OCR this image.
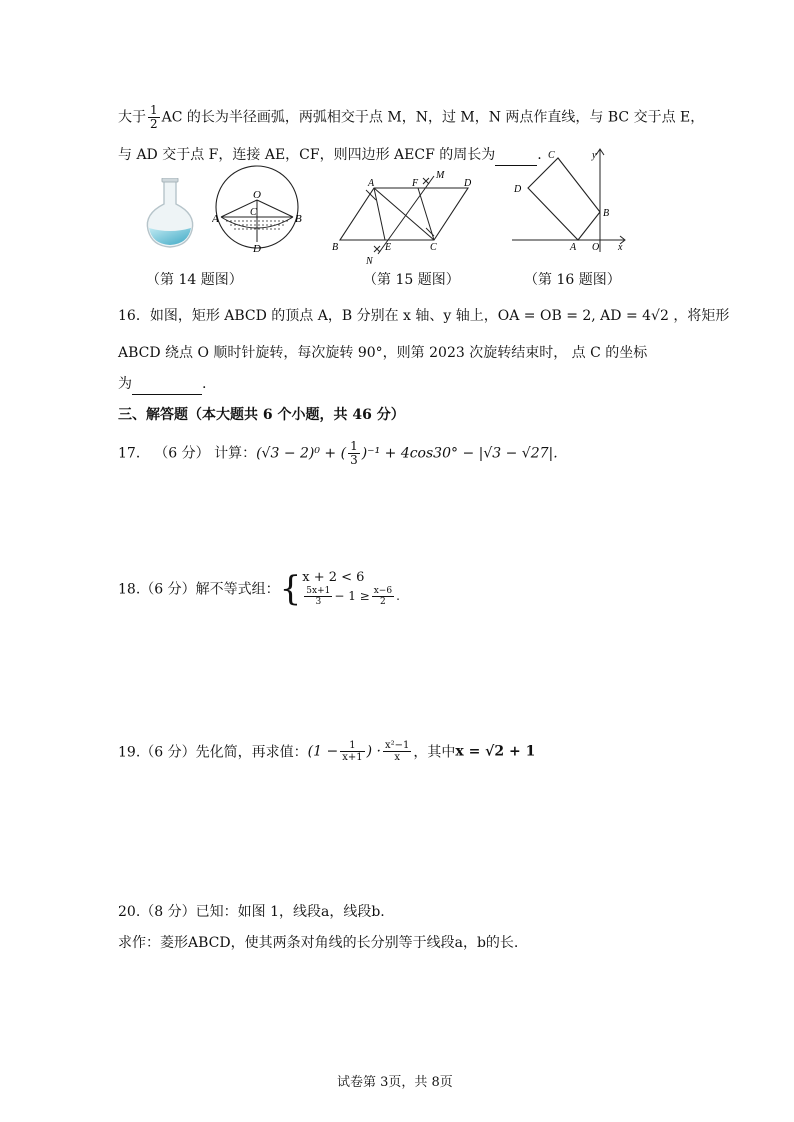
大于 $\frac{1}{2}$ AC 的长为半径画弧，两弧相交于点 M，N，过 M，N 两点作直线，与 BC 交于点 E，
与 AD 交于点 F，连接 AE，CF，则四边形 AECF 的周长为	.
O
A
C
B
D
A	F
M
D
B	E	C
N
C	y
D
B
A O x
（第 14 题图）	（第 15 题图）	（第 16 题图）
16．如图，矩形 ABCD 的顶点 A，B 分别在 x 轴、y 轴上，OA = OB = 2, AD = 4√2 ，将矩形
ABCD 绕点 O 顺时针旋转，每次旋转 90°，则第 2023 次旋转结束时， 点 C 的坐标
为	.
三、解答题（本大题共 6 个小题，共 46 分）
17． （6 分） 计算：(√3 − 2)⁰ + ( $\frac{1}{3} )^{-1} + 4\cos 30^\circ - |√3 - √27|$.
18.（6 分）解不等式组：{ x + 2 < 6
$\frac{5x+1}{3} - 1 \ge \frac{x-6}{2}$ .
19.（6 分）先化简，再求值：($1 - \frac{1}{x+1}$ ) · $\frac{\text{x²−1}}{x}$ ，其中x = √2 + 1
20.（8 分）已知：如图 1，线段a，线段b.
求作：菱形ABCD，使其两条对角线的长分别等于线段a，b的长.
试卷第 3页，共 8页
